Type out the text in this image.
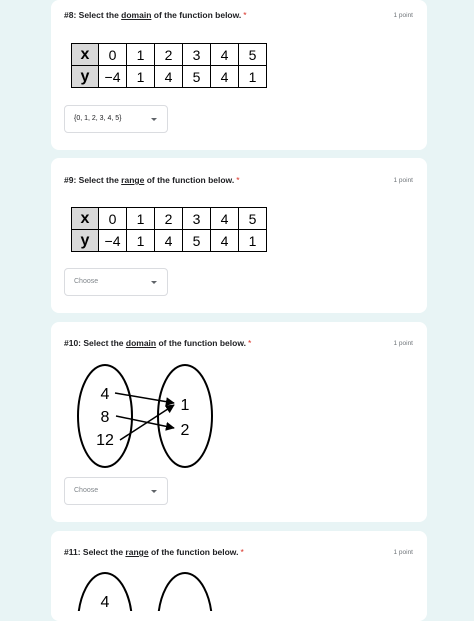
#8: Select the domain of the function below. *	1 point
x	0	1	2	3	4	5
y	−4	1	4	5	4	1
{0, 1, 2, 3, 4, 5}
#9: Select the range of the function below. *	1 point
x	0	1	2	3	4	5
y	−4	1	4	5	4	1
Choose
#10: Select the domain of the function below. *	1 point
4
8
12
1
2
Choose
#11: Select the range of the function below. *	1 point
4
